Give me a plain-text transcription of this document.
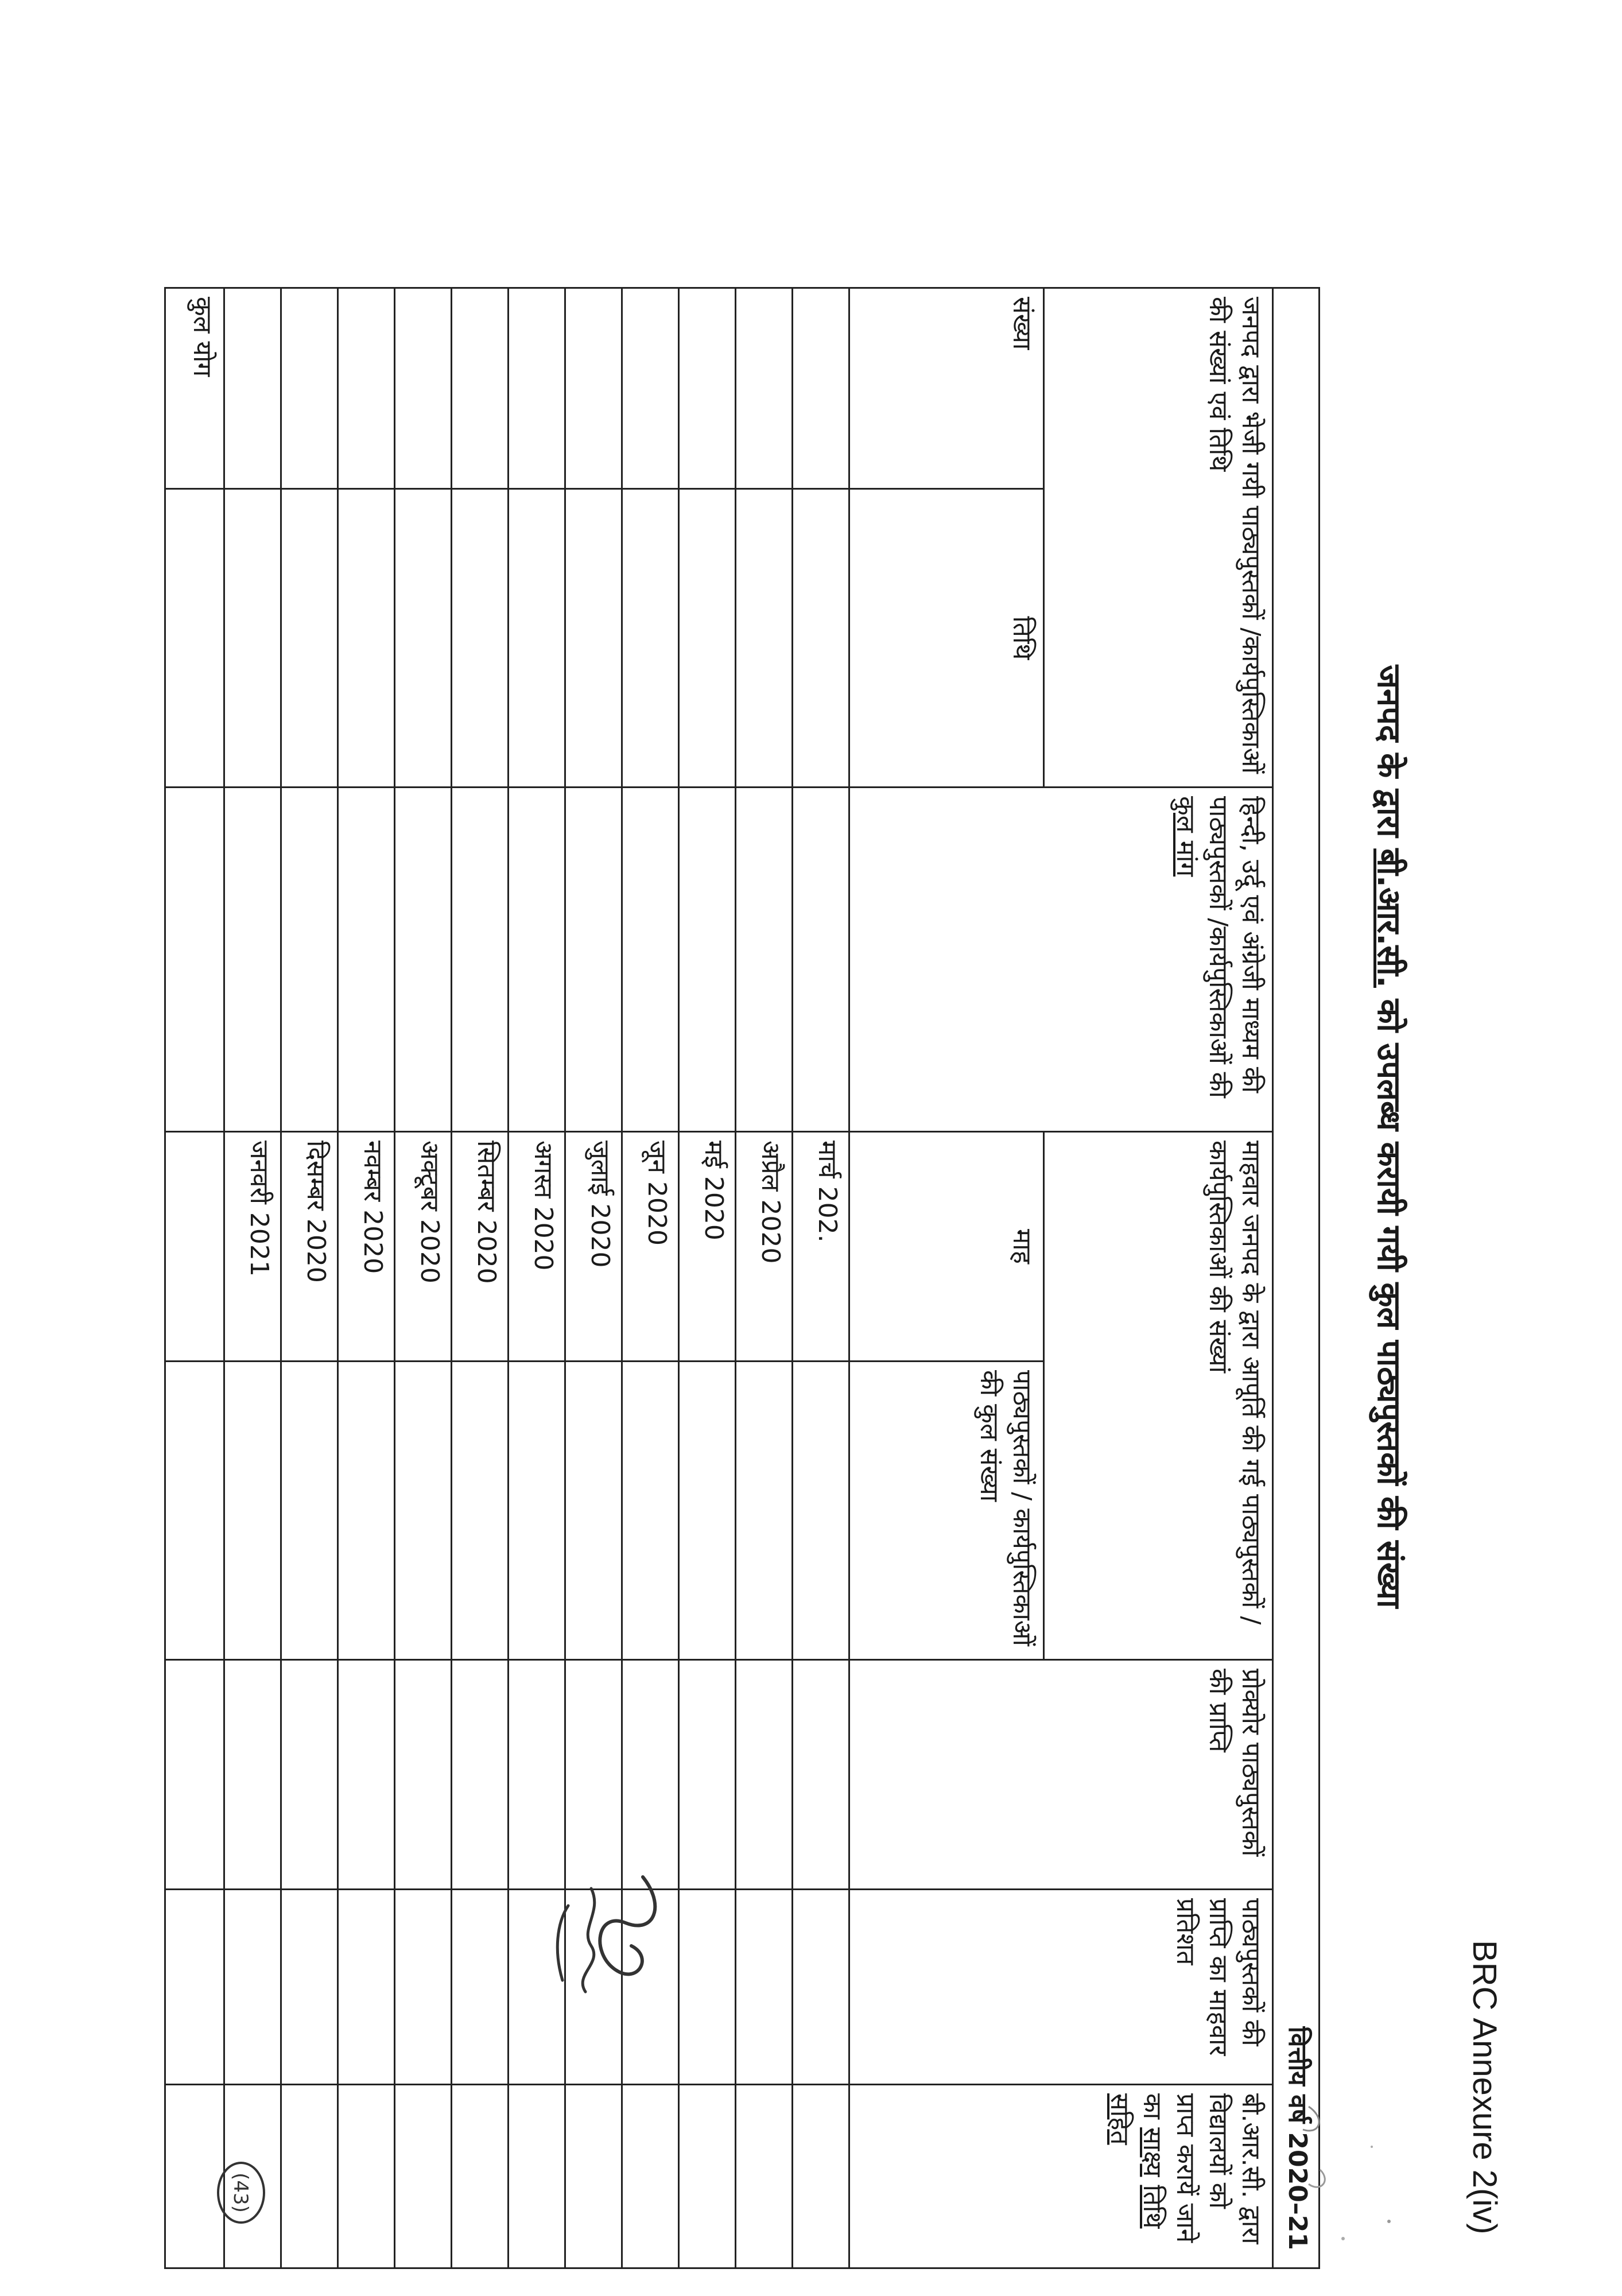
BRC Annexure 2(iv)
जनपद के द्वारा बी.आर.सी. को उपलब्ध करायी गयी कुल पाठ्यपुस्तकों की संख्या
वित्तीय वर्ष 2020–21							
जनपद द्वारा भेजी गयी पाठ्यपुस्तकों /कार्यपुस्तिकाओं की संख्यां एवं तिथि		हिन्दी, उर्दू एवं अंग्रेजी माध्यम की पाठ्यपुस्तकों /कार्यपुस्तिकाओं की कुल मांग	माहवार जनपद के द्वारा आपूर्ति की गई पाठ्यपुस्तकों / कार्यपुस्तिकाओं की संख्यां		प्रोक्योर पाठ्यपुस्तकों की प्राप्ति	पाठ्यपुस्तकों की प्राप्ति का माहवार प्रतिशत	बी.आर.सी. द्वारा विद्यालयों को प्राप्त करायें जाने का साक्ष्य तिथि सहित
संख्या	तिथि		माह	पाठ्यपुस्तकों / कार्यपुस्तिकाओं की कुल संख्या			
			मार्च 202.				
			अप्रैल 2020				
			मई 2020				
			जून 2020				
			जुलाई 2020				
			अगस्त 2020				
			सितम्बर 2020				
			अक्टूबर 2020				
			नवम्बर 2020				
			दिसम्बर 2020				
			जनवरी 2021				
कुल योग							
(43)
